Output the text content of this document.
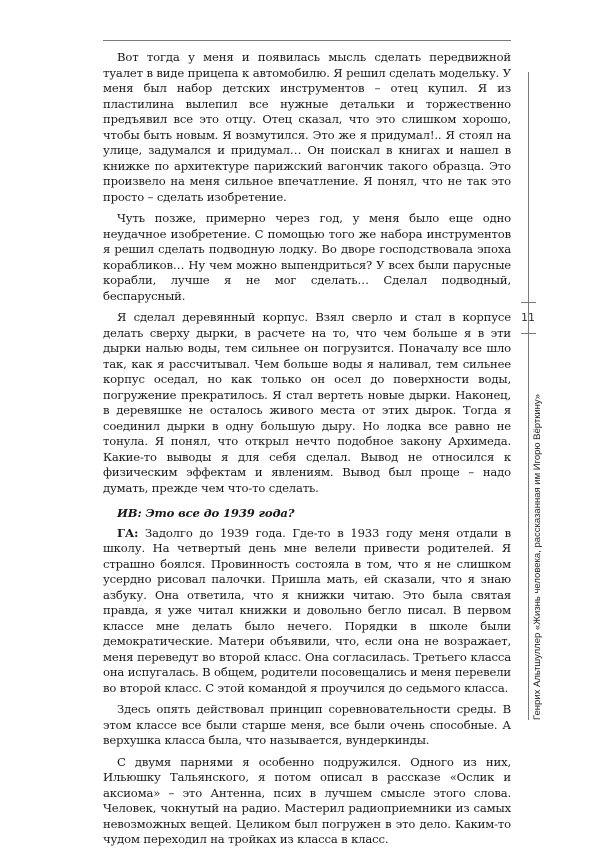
Вот тогда у меня и появилась мысль сделать передвижной туалет в виде прицепа к автомобилю. Я решил сделать модельку. У меня был набор детских инструментов – отец купил. Я из пластилина вылепил все нужные детальки и торжественно предъявил все это отцу. Отец сказал, что это слишком хорошо, чтобы быть новым. Я возмутился. Это же я придумал!.. Я стоял на улице, задумался и придумал… Он поискал в книгах и нашел в книжке по архитектуре парижский вагончик такого образца. Это произвело на меня сильное впечатление. Я понял, что не так это просто – сделать изобретение.

Чуть позже, примерно через год, у меня было еще одно неудачное изобретение. С помощью того же набора инструментов я решил сделать подводную лодку. Во дворе господствовала эпоха корабликов… Ну чем можно выпендриться? У всех были парусные корабли, лучше я не мог сделать… Сделал подводный, беспарусный.

Я сделал деревянный корпус. Взял сверло и стал в корпусе делать сверху дырки, в расчете на то, что чем больше я в эти дырки налью воды, тем сильнее он погрузится. Поначалу все шло так, как я рассчитывал. Чем больше воды я наливал, тем сильнее корпус оседал, но как только он осел до поверхности воды, погружение прекратилось. Я стал вертеть новые дырки. Наконец, в деревяшке не осталось живого места от этих дырок. Тогда я соединил дырки в одну большую дыру. Но лодка все равно не тонула. Я понял, что открыл нечто подобное закону Архимеда. Какие-то выводы я для себя сделал. Вывод не относился к физическим эффектам и явлениям. Вывод был проще – надо думать, прежде чем что-то сделать.

ИВ: Это все до 1939 года?

ГА: Задолго до 1939 года. Где-то в 1933 году меня отдали в школу. На четвертый день мне велели привести родителей. Я страшно боялся. Провинность состояла в том, что я не слишком усердно рисовал палочки. Пришла мать, ей сказали, что я знаю азбуку. Она ответила, что я книжки читаю. Это была святая правда, я уже читал книжки и довольно бегло писал. В первом классе мне делать было нечего. Порядки в школе были демократические. Матери объявили, что, если она не возражает, меня переведут во второй класс. Она согласилась. Третьего класса она испугалась. В общем, родители посовещались и меня перевели во второй класс. С этой командой я проучился до седьмого класса.

Здесь опять действовал принцип соревновательности среды. В этом классе все были старше меня, все были очень способные. А верхушка класса была, что называется, вундеркинды.

С двумя парнями я особенно подружился. Одного из них, Ильюшку Тальянского, я потом описал в рассказе «Ослик и аксиома» – это Антенна, псих в лучшем смысле этого слова. Человек, чокнутый на радио. Мастерил радиоприемники из самых невозможных вещей. Целиком был погружен в это дело. Каким-то чудом переходил на тройках из класса в класс.

11
Генрих Альтшуллер «Жизнь человека, рассказанная им Игорю Вёрткину»
